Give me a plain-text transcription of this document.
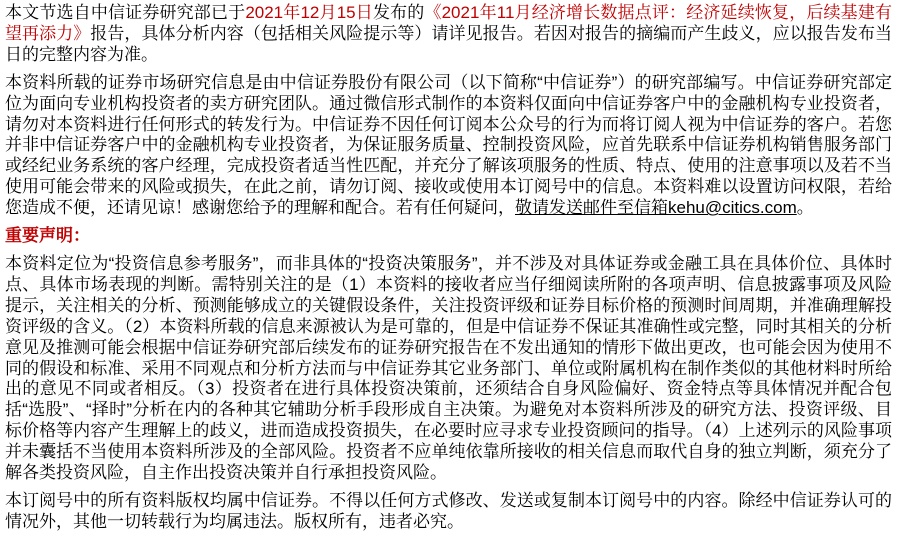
本文节选自中信证券研究部已于2021年12月15日发布的《2021年11月经济增长数据点评：经济延续恢复，后续基建有望再添力》报告，具体分析内容（包括相关风险提示等）请详见报告。若因对报告的摘编而产生歧义，应以报告发布当日的完整内容为准。

本资料所载的证券市场研究信息是由中信证券股份有限公司（以下简称“中信证券”）的研究部编写。中信证券研究部定位为面向专业机构投资者的卖方研究团队。通过微信形式制作的本资料仅面向中信证券客户中的金融机构专业投资者，请勿对本资料进行任何形式的转发行为。中信证券不因任何订阅本公众号的行为而将订阅人视为中信证券的客户。若您并非中信证券客户中的金融机构专业投资者，为保证服务质量、控制投资风险，应首先联系中信证券机构销售服务部门或经纪业务系统的客户经理，完成投资者适当性匹配，并充分了解该项服务的性质、特点、使用的注意事项以及若不当使用可能会带来的风险或损失，在此之前，请勿订阅、接收或使用本订阅号中的信息。本资料难以设置访问权限，若给您造成不便，还请见谅！感谢您给予的理解和配合。若有任何疑问，敬请发送邮件至信箱kehu@citics.com。

重要声明：

本资料定位为“投资信息参考服务”，而非具体的“投资决策服务”，并不涉及对具体证券或金融工具在具体价位、具体时点、具体市场表现的判断。需特别关注的是（1）本资料的接收者应当仔细阅读所附的各项声明、信息披露事项及风险提示，关注相关的分析、预测能够成立的关键假设条件，关注投资评级和证券目标价格的预测时间周期，并准确理解投资评级的含义。（2）本资料所载的信息来源被认为是可靠的，但是中信证券不保证其准确性或完整，同时其相关的分析意见及推测可能会根据中信证券研究部后续发布的证券研究报告在不发出通知的情形下做出更改，也可能会因为使用不同的假设和标准、采用不同观点和分析方法而与中信证券其它业务部门、单位或附属机构在制作类似的其他材料时所给出的意见不同或者相反。（3）投资者在进行具体投资决策前，还须结合自身风险偏好、资金特点等具体情况并配合包括“选股”、“择时”分析在内的各种其它辅助分析手段形成自主决策。为避免对本资料所涉及的研究方法、投资评级、目标价格等内容产生理解上的歧义，进而造成投资损失，在必要时应寻求专业投资顾问的指导。（4）上述列示的风险事项并未囊括不当使用本资料所涉及的全部风险。投资者不应单纯依靠所接收的相关信息而取代自身的独立判断，须充分了解各类投资风险，自主作出投资决策并自行承担投资风险。

本订阅号中的所有资料版权均属中信证券。不得以任何方式修改、发送或复制本订阅号中的内容。除经中信证券认可的情况外，其他一切转载行为均属违法。版权所有，违者必究。
